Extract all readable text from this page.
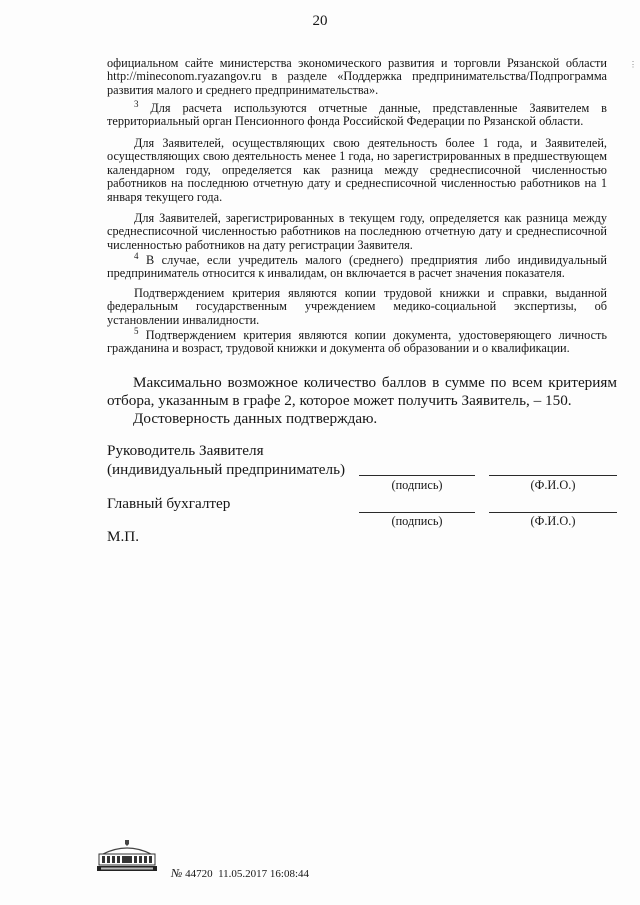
20
официальном сайте министерства экономического развития и торговли Рязанской области http://mineconom.ryazangov.ru в разделе «Поддержка предпринимательства/Подпрограмма развития малого и среднего предпринимательства».
$^3$ Для расчета используются отчетные данные, представленные Заявителем в территориальный орган Пенсионного фонда Российской Федерации по Рязанской области.
Для Заявителей, осуществляющих свою деятельность более 1 года, и Заявителей, осуществляющих свою деятельность менее 1 года, но зарегистрированных в предшествующем календарном году, определяется как разница между среднесписочной численностью работников на последнюю отчетную дату и среднесписочной численностью работников на 1 января текущего года.
Для Заявителей, зарегистрированных в текущем году, определяется как разница между среднесписочной численностью работников на последнюю отчетную дату и среднесписочной численностью работников на дату регистрации Заявителя.
$^4$ В случае, если учредитель малого (среднего) предприятия либо индивидуальный предприниматель относится к инвалидам, он включается в расчет значения показателя.
Подтверждением критерия являются копии трудовой книжки и справки, выданной федеральным государственным учреждением медико-социальной экспертизы, об установлении инвалидности.
$^5$ Подтверждением критерия являются копии документа, удостоверяющего личность гражданина и возраст, трудовой книжки и документа об образовании и о квалификации.
Максимально возможное количество баллов в сумме по всем критериям отбора, указанным в графе 2, которое может получить Заявитель, – 150.
Достоверность данных подтверждаю.
Руководитель Заявителя
(индивидуальный предприниматель)
(подпись)	(Ф.И.О.)
Главный бухгалтер
(подпись)	(Ф.И.О.)
М.П.
⋮
№ 44720 11.05.2017 16:08:44
